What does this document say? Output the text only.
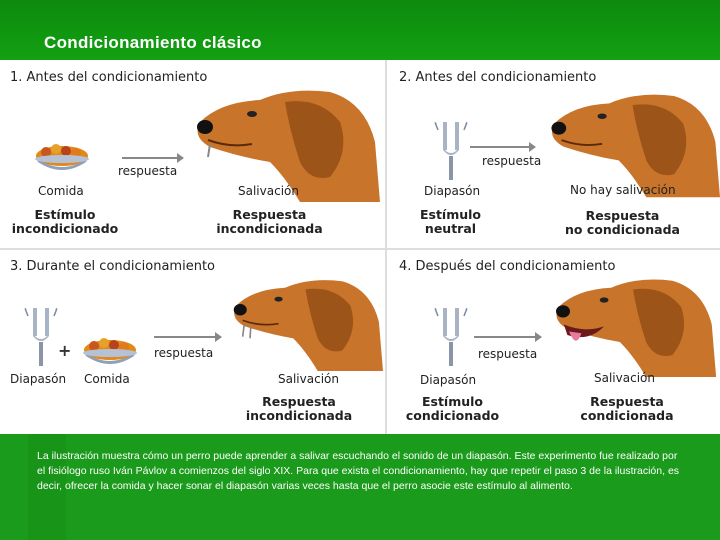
Condicionamiento clásico
1. Antes del condicionamiento
respuesta
Comida	Salivación
Estímulo
incondicionado
Respuesta
incondicionada
2. Antes del condicionamiento
respuesta
Diapasón	No hay salivación
Estímulo
neutral
Respuesta
no condicionada
3. Durante el condicionamiento
+	respuesta
Diapasón Comida	Salivación
Respuesta
incondicionada
4. Después del condicionamiento
respuesta
Diapasón	Salivación
Estímulo
condicionado
Respuesta
condicionada
La ilustración muestra cómo un perro puede aprender a salivar escuchando el sonido de un diapasón. Este experimento fue realizado por el fisiólogo ruso Iván Pávlov a comienzos del siglo XIX. Para que exista el condicionamiento, hay que repetir el paso 3 de la ilustración, es decir, ofrecer la comida y hacer sonar el diapasón varias veces hasta que el perro asocie este estímulo al alimento.
